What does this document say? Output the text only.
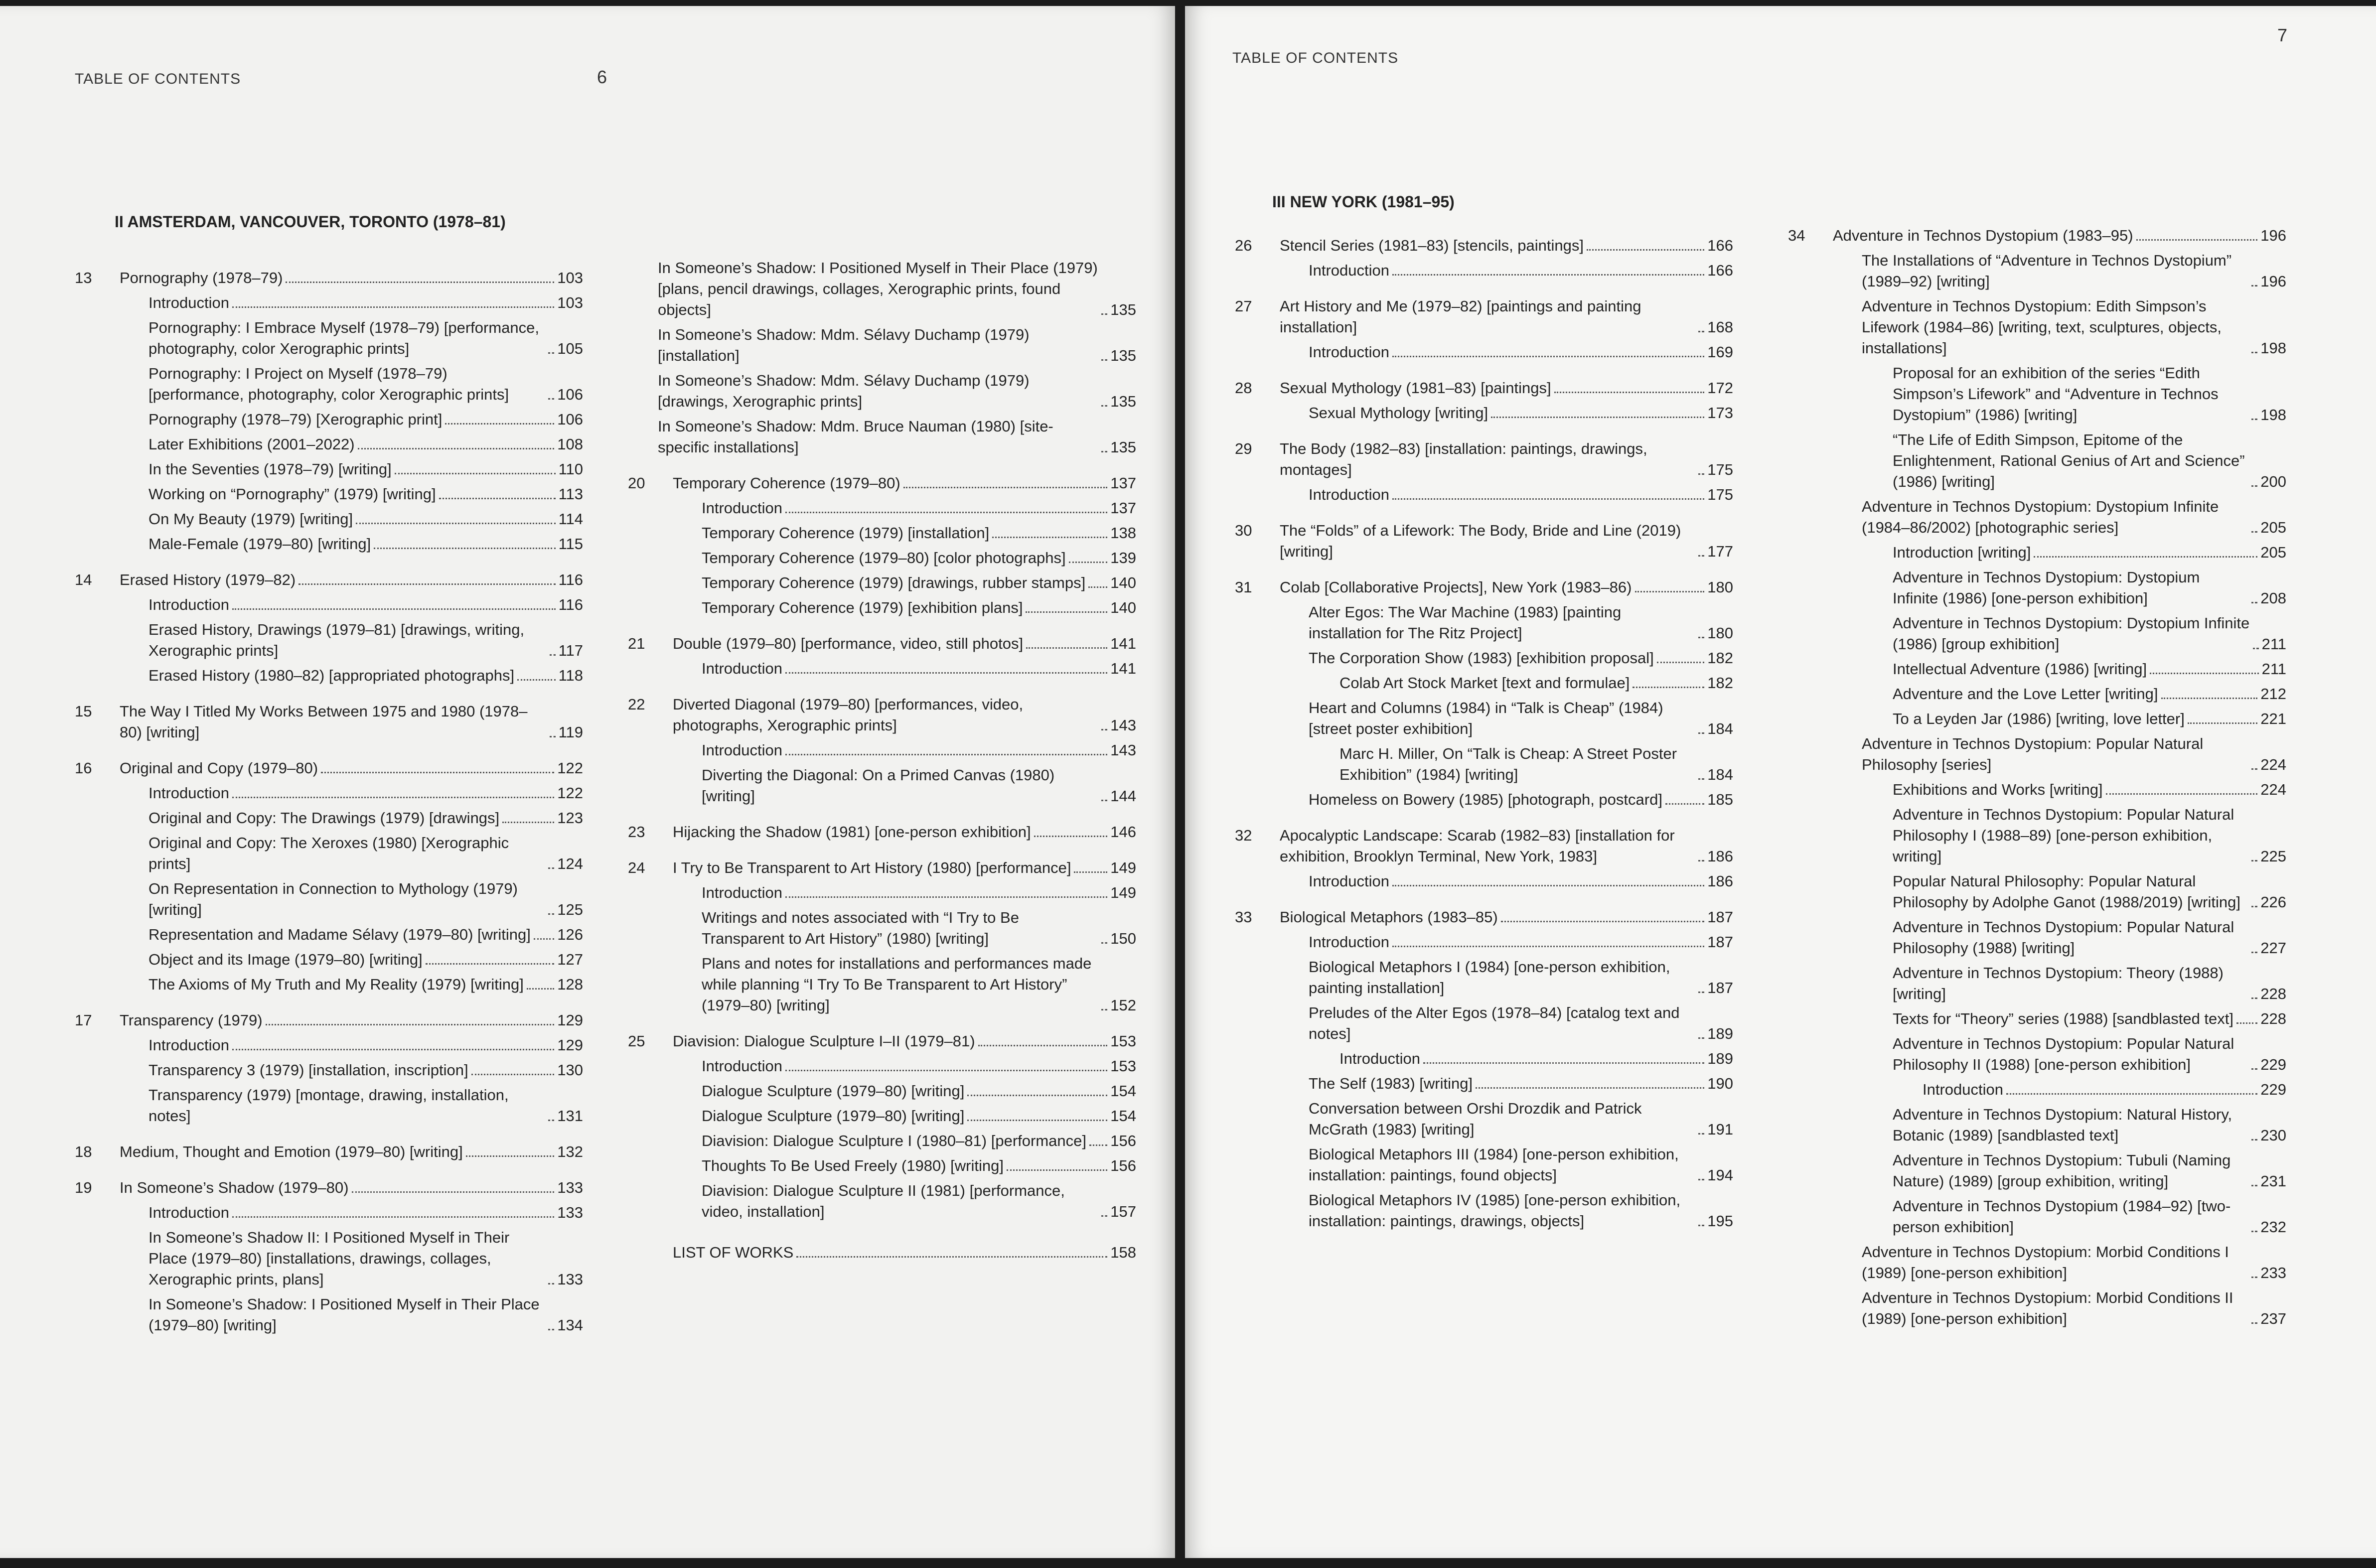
TABLE OF CONTENTS	6
II AMSTERDAM, VANCOUVER, TORONTO (1978–81)
13 Pornography (1978–79)	103
Introduction	103
Pornography: I Embrace Myself (1978–79) [performance, photography, color Xerographic prints]	105
Pornography: I Project on Myself (1978–79) [performance, photography, color Xerographic prints]	106
Pornography (1978–79) [Xerographic print]	106
Later Exhibitions (2001–2022)	108
In the Seventies (1978–79) [writing]	110
Working on “Pornography” (1979) [writing]	113
On My Beauty (1979) [writing]	114
Male-Female (1979–80) [writing]	115
14 Erased History (1979–82)	116
Introduction	116
Erased History, Drawings (1979–81) [drawings, writing, Xerographic prints]	117
Erased History (1980–82) [appropriated photographs]	118
15 The Way I Titled My Works Between 1975 and 1980 (1978–80) [writing]	119
16 Original and Copy (1979–80)	122
Introduction	122
Original and Copy: The Drawings (1979) [drawings]	123
Original and Copy: The Xeroxes (1980) [Xerographic prints]	124
On Representation in Connection to Mythology (1979) [writing]	125
Representation and Madame Sélavy (1979–80) [writing] 126
Object and its Image (1979–80) [writing]	127
The Axioms of My Truth and My Reality (1979) [writing] 128
17 Transparency (1979)	129
Introduction	129
Transparency 3 (1979) [installation, inscription]	130
Transparency (1979) [montage, drawing, installation, notes]	131
18 Medium, Thought and Emotion (1979–80) [writing]	132
19 In Someone’s Shadow (1979–80)	133
Introduction	133
In Someone’s Shadow II: I Positioned Myself in Their Place (1979–80) [installations, drawings, collages, Xerographic prints, plans]	133
In Someone’s Shadow: I Positioned Myself in Their Place (1979–80) [writing]	134
In Someone’s Shadow: I Positioned Myself in Their Place (1979) [plans, pencil drawings, collages, Xerographic prints, found objects]	135
In Someone’s Shadow: Mdm. Sélavy Duchamp (1979) [installation]	135
In Someone’s Shadow: Mdm. Sélavy Duchamp (1979) [drawings, Xerographic prints]	135
In Someone’s Shadow: Mdm. Bruce Nauman (1980) [site-specific installations]	135
20 Temporary Coherence (1979–80)	137
Introduction	137
Temporary Coherence (1979) [installation]	138
Temporary Coherence (1979–80) [color photographs]	139
Temporary Coherence (1979) [drawings, rubber stamps] 140
Temporary Coherence (1979) [exhibition plans]	140
21 Double (1979–80) [performance, video, still photos]	141
Introduction	141
22 Diverted Diagonal (1979–80) [performances, video, photographs, Xerographic prints]	143
Introduction	143
Diverting the Diagonal: On a Primed Canvas (1980) [writing]	144
23 Hijacking the Shadow (1981) [one-person exhibition]	146
24 I Try to Be Transparent to Art History (1980) [performance]	149
Introduction	149
Writings and notes associated with “I Try to Be Transparent to Art History” (1980) [writing]	150
Plans and notes for installations and performances made while planning “I Try To Be Transparent to Art History” (1979–80) [writing]	152
25 Diavision: Dialogue Sculpture I–II (1979–81)	153
Introduction	153
Dialogue Sculpture (1979–80) [writing]	154
Dialogue Sculpture (1979–80) [writing]	154
Diavision: Dialogue Sculpture I (1980–81) [performance] 156
Thoughts To Be Used Freely (1980) [writing]	156
Diavision: Dialogue Sculpture II (1981) [performance, video, installation]	157
LIST OF WORKS	158
TABLE OF CONTENTS
7
III NEW YORK (1981–95)
26 Stencil Series (1981–83) [stencils, paintings]	166
Introduction	166
27 Art History and Me (1979–82) [paintings and painting installation]	168
Introduction	169
28 Sexual Mythology (1981–83) [paintings]	172
Sexual Mythology [writing]	173
29 The Body (1982–83) [installation: paintings, drawings, montages]	175
Introduction	175
30 The “Folds” of a Lifework: The Body, Bride and Line (2019) [writing]	177
31 Colab [Collaborative Projects], New York (1983–86)	180
Alter Egos: The War Machine (1983) [painting installation for The Ritz Project]	180
The Corporation Show (1983) [exhibition proposal]	182
Colab Art Stock Market [text and formulae]	182
Heart and Columns (1984) in “Talk is Cheap” (1984) [street poster exhibition]	184
Marc H. Miller, On “Talk is Cheap: A Street Poster Exhibition” (1984) [writing]	184
Homeless on Bowery (1985) [photograph, postcard]	185
32 Apocalyptic Landscape: Scarab (1982–83) [installation for exhibition, Brooklyn Terminal, New York, 1983]	186
Introduction	186
33 Biological Metaphors (1983–85)	187
Introduction	187
Biological Metaphors I (1984) [one-person exhibition, painting installation]	187
Preludes of the Alter Egos (1978–84) [catalog text and notes]	189
Introduction	189
The Self (1983) [writing]	190
Conversation between Orshi Drozdik and Patrick McGrath (1983) [writing]	191
Biological Metaphors III (1984) [one-person exhibition, installation: paintings, found objects]	194
Biological Metaphors IV (1985) [one-person exhibition, installation: paintings, drawings, objects]	195
34 Adventure in Technos Dystopium (1983–95)	196
The Installations of “Adventure in Technos Dystopium” (1989–92) [writing]	196
Adventure in Technos Dystopium: Edith Simpson’s Lifework (1984–86) [writing, text, sculptures, objects, installations]	198
Proposal for an exhibition of the series “Edith Simpson’s Lifework” and “Adventure in Technos Dystopium” (1986) [writing]	198
“The Life of Edith Simpson, Epitome of the Enlightenment, Rational Genius of Art and Science” (1986) [writing]	200
Adventure in Technos Dystopium: Dystopium Infinite (1984–86/2002) [photographic series]	205
Introduction [writing]	205
Adventure in Technos Dystopium: Dystopium Infinite (1986) [one-person exhibition]	208
Adventure in Technos Dystopium: Dystopium Infinite (1986) [group exhibition]	211
Intellectual Adventure (1986) [writing]	211
Adventure and the Love Letter [writing]	212
To a Leyden Jar (1986) [writing, love letter]	221
Adventure in Technos Dystopium: Popular Natural Philosophy [series]	224
Exhibitions and Works [writing]	224
Adventure in Technos Dystopium: Popular Natural Philosophy I (1988–89) [one-person exhibition, writing]	225
Popular Natural Philosophy: Popular Natural Philosophy by Adolphe Ganot (1988/2019) [writing]	226
Adventure in Technos Dystopium: Popular Natural Philosophy (1988) [writing]	227
Adventure in Technos Dystopium: Theory (1988) [writing]	228
Texts for “Theory” series (1988) [sandblasted text] 228
Adventure in Technos Dystopium: Popular Natural Philosophy II (1988) [one-person exhibition]	229
Introduction	229
Adventure in Technos Dystopium: Natural History, Botanic (1989) [sandblasted text]	230
Adventure in Technos Dystopium: Tubuli (Naming Nature) (1989) [group exhibition, writing]	231
Adventure in Technos Dystopium (1984–92) [two-person exhibition]	232
Adventure in Technos Dystopium: Morbid Conditions I (1989) [one-person exhibition]	233
Adventure in Technos Dystopium: Morbid Conditions II (1989) [one-person exhibition]	237
